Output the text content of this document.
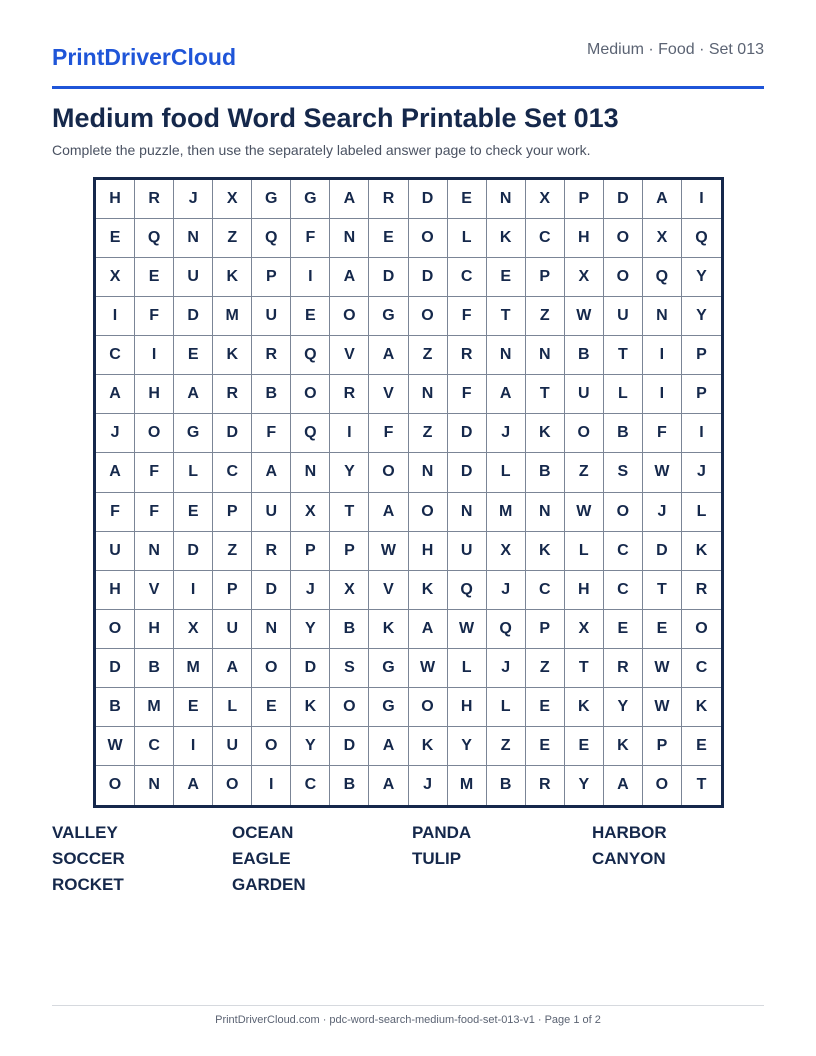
PrintDriverCloud	Medium · Food · Set 013
Medium food Word Search Printable Set 013
Complete the puzzle, then use the separately labeled answer page to check your work.
H	R	J	X	G	G	A	R	D	E	N	X	P	D	A	I
E	Q	N	Z	Q	F	N	E	O	L	K	C	H	O	X	Q
X	E	U	K	P	I	A	D	D	C	E	P	X	O	Q	Y
I	F	D	M	U	E	O	G	O	F	T	Z	W	U	N	Y
C	I	E	K	R	Q	V	A	Z	R	N	N	B	T	I	P
A	H	A	R	B	O	R	V	N	F	A	T	U	L	I	P
J	O	G	D	F	Q	I	F	Z	D	J	K	O	B	F	I
A	F	L	C	A	N	Y	O	N	D	L	B	Z	S	W	J
F	F	E	P	U	X	T	A	O	N	M	N	W	O	J	L
U	N	D	Z	R	P	P	W	H	U	X	K	L	C	D	K
H	V	I	P	D	J	X	V	K	Q	J	C	H	C	T	R
O	H	X	U	N	Y	B	K	A	W	Q	P	X	E	E	O
D	B	M	A	O	D	S	G	W	L	J	Z	T	R	W	C
B	M	E	L	E	K	O	G	O	H	L	E	K	Y	W	K
W	C	I	U	O	Y	D	A	K	Y	Z	E	E	K	P	E
O	N	A	O	I	C	B	A	J	M	B	R	Y	A	O	T
VALLEY	OCEAN	PANDA	HARBOR
SOCCER	EAGLE	TULIP	CANYON
ROCKET	GARDEN
PrintDriverCloud.com · pdc-word-search-medium-food-set-013-v1 · Page 1 of 2
